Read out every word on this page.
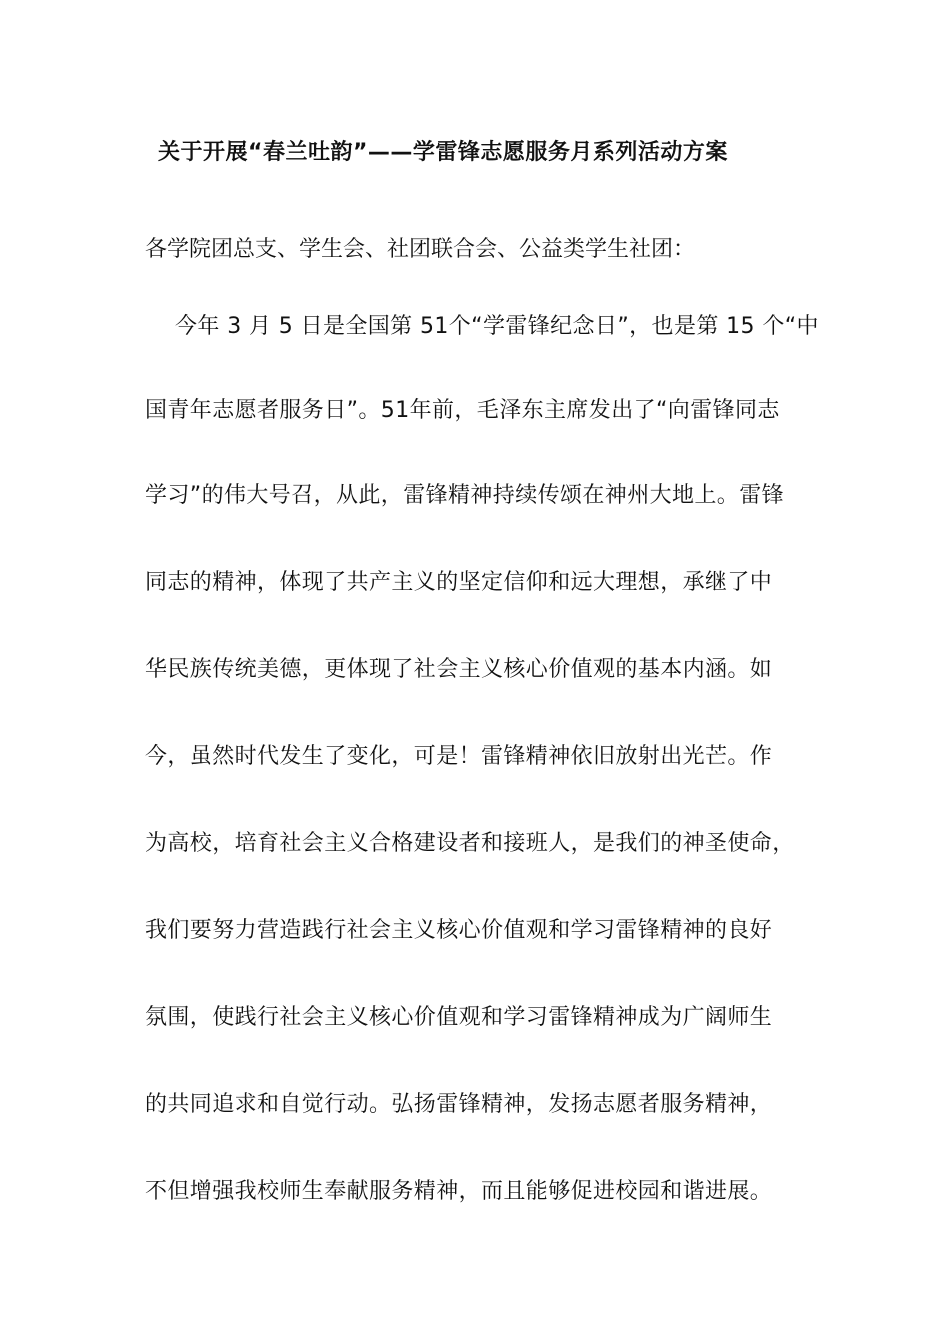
关于开展“春兰吐韵”——学雷锋志愿服务月系列活动方案
各学院团总支、学生会、社团联合会、公益类学生社团：
今年 3 月 5 日是全国第 51个“学雷锋纪念日”，也是第 15 个“中
国青年志愿者服务日”。51年前，毛泽东主席发出了“向雷锋同志
学习”的伟大号召，从此，雷锋精神持续传颂在神州大地上。雷锋
同志的精神，体现了共产主义的坚定信仰和远大理想，承继了中
华民族传统美德，更体现了社会主义核心价值观的基本内涵。如
今，虽然时代发生了变化，可是！雷锋精神依旧放射出光芒。作
为高校，培育社会主义合格建设者和接班人，是我们的神圣使命，
我们要努力营造践行社会主义核心价值观和学习雷锋精神的良好
氛围，使践行社会主义核心价值观和学习雷锋精神成为广阔师生
的共同追求和自觉行动。弘扬雷锋精神，发扬志愿者服务精神，
不但增强我校师生奉献服务精神，而且能够促进校园和谐进展。
